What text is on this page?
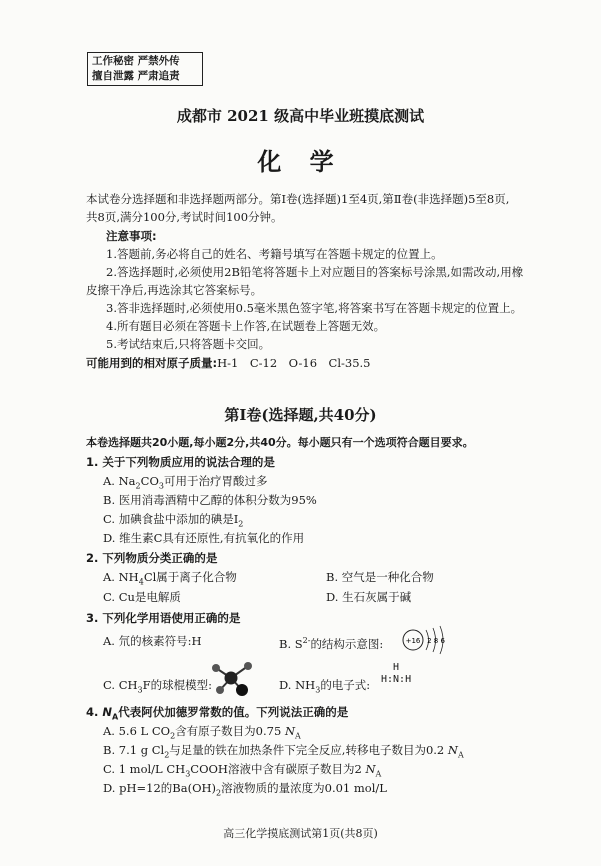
工作秘密 严禁外传
擅自泄露 严肃追责
成都市 2021 级高中毕业班摸底测试
化 学
本试卷分选择题和非选择题两部分。第Ⅰ卷(选择题)1至4页,第Ⅱ卷(非选择题)5至8页,
共8页,满分100分,考试时间100分钟。
注意事项:
1.答题前,务必将自己的姓名、考籍号填写在答题卡规定的位置上。
2.答选择题时,必须使用2B铅笔将答题卡上对应题目的答案标号涂黑,如需改动,用橡
皮擦干净后,再选涂其它答案标号。
3.答非选择题时,必须使用0.5毫米黑色签字笔,将答案书写在答题卡规定的位置上。
4.所有题目必须在答题卡上作答,在试题卷上答题无效。
5.考试结束后,只将答题卡交回。
可能用到的相对原子质量:H-1　C-12　O-16　Cl-35.5
第Ⅰ卷(选择题,共40分)
本卷选择题共20小题,每小题2分,共40分。每小题只有一个选项符合题目要求。
1. 关于下列物质应用的说法合理的是
A. $Na_2CO_3$可用于治疗胃酸过多
B. 医用消毒酒精中乙醇的体积分数为95%
C. 加碘食盐中添加的碘是$I_2$
D. 维生素C具有还原性,有抗氧化的作用
2. 下列物质分类正确的是
A. $NH_4Cl$属于离子化合物	B. 空气是一种化合物
C. Cu是电解质	D. 生石灰属于碱
3. 下列化学用语使用正确的是
A. 氘的核素符号:H	B. $S^{2-}$的结构示意图:	+16 2 8 6
C. $CH_3F$的球棍模型:	D. $NH_3$的电子式:
H
H:N:H
4. $N_A$代表阿伏加德罗常数的值。下列说法正确的是
A. 5.6 L $CO_2$含有原子数目为0.75 $N_A$
B. 7.1 g $Cl_2$与足量的铁在加热条件下完全反应,转移电子数目为0.2 $N_A$
C. 1 mol/L $CH_3COOH$溶液中含有碳原子数目为2 $N_A$
D. pH=12的$Ba(OH)_2$溶液物质的量浓度为0.01 mol/L
高三化学摸底测试第1页(共8页)
